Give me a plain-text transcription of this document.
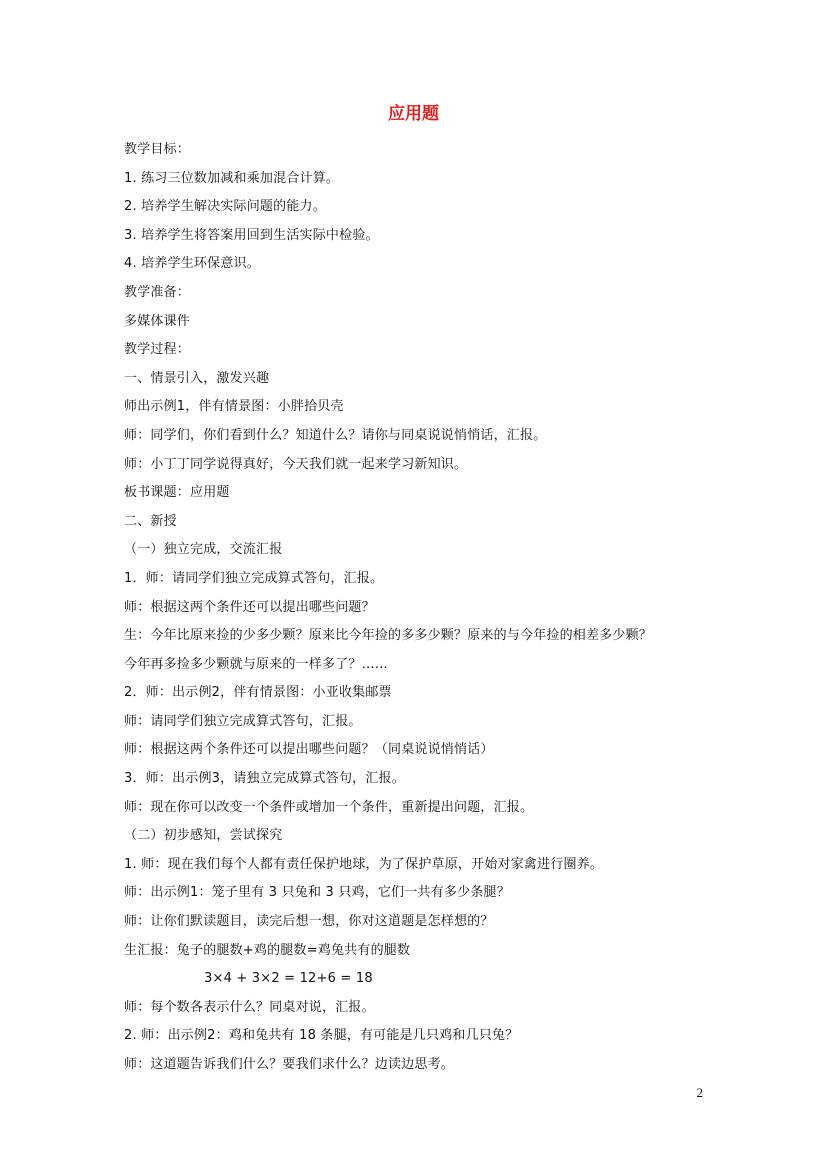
应用题
教学目标：
1. 练习三位数加减和乘加混合计算。
2. 培养学生解决实际问题的能力。
3. 培养学生将答案用回到生活实际中检验。
4. 培养学生环保意识。
教学准备：
多媒体课件
教学过程：
一、情景引入，激发兴趣
师出示例1，伴有情景图：小胖拾贝壳
师：同学们，你们看到什么？知道什么？请你与同桌说说悄悄话，汇报。
师：小丁丁同学说得真好，今天我们就一起来学习新知识。
板书课题：应用题
二、新授
（一）独立完成，交流汇报
1．师：请同学们独立完成算式答句，汇报。
师：根据这两个条件还可以提出哪些问题？
生：今年比原来捡的少多少颗？原来比今年捡的多多少颗？原来的与今年捡的相差多少颗？
今年再多捡多少颗就与原来的一样多了？……
2．师：出示例2，伴有情景图：小亚收集邮票
师：请同学们独立完成算式答句，汇报。
师：根据这两个条件还可以提出哪些问题？（同桌说说悄悄话）
3．师：出示例3，请独立完成算式答句，汇报。
师：现在你可以改变一个条件或增加一个条件，重新提出问题，汇报。
（二）初步感知，尝试探究
1. 师：现在我们每个人都有责任保护地球，为了保护草原，开始对家禽进行圈养。
师：出示例1：笼子里有 3 只兔和 3 只鸡，它们一共有多少条腿？
师：让你们默读题目，读完后想一想，你对这道题是怎样想的？
生汇报：兔子的腿数+鸡的腿数=鸡兔共有的腿数
3×4 + 3×2 = 12+6 = 18
师：每个数各表示什么？同桌对说，汇报。
2. 师：出示例2：鸡和兔共有 18 条腿，有可能是几只鸡和几只兔？
师：这道题告诉我们什么？要我们求什么？边读边思考。
2
